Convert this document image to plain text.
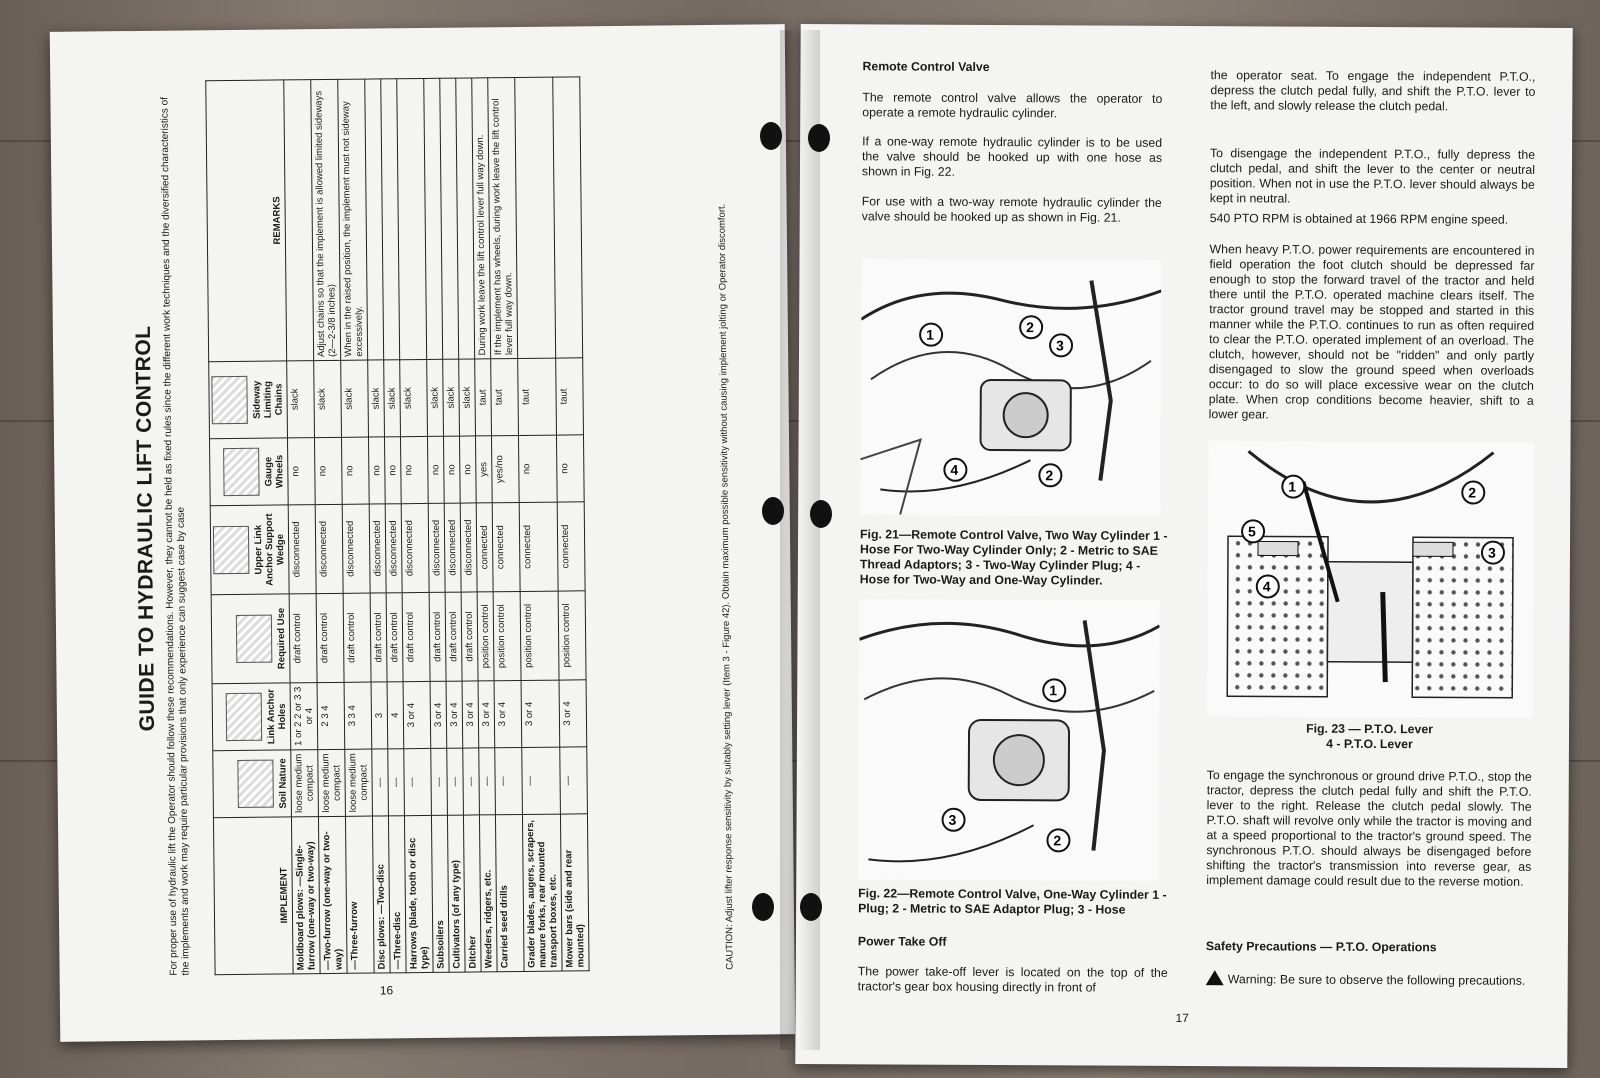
GUIDE TO HYDRAULIC LIFT CONTROL For proper use of hydraulic lift the Operator should follow these recommendations. However, they cannot be held as fixed rules since the different work techniques and the diversified characteristics of the implements and work may require particular provisions that only experience can suggest case by case	IMPLEMENT	Soil Nature	Link Anchor Holes	Required Use	Upper Link Anchor Support Wedge	Gauge Wheels	Sideway Limiting Chains	REMARKS
Moldboard plows: —Single-furrow (one-way or two-way)	loose medium compact	1 or 2 2 or 3 3 or 4	draft control	disconnected	no	slack	
—Two-furrow (one-way or two-way)	loose medium compact	2 3 4	draft control	disconnected	no	slack	Adjust chains so that the implement is allowed limited sideways (2—2-3/8 inches)
—Three-furrow	loose medium compact	3 3 4	draft control	disconnected	no	slack	When in the raised position, the implement must not sideway excessively.
Disc plows: —Two-disc	—	3	draft control	disconnected	no	slack	
—Three-disc	—	4	draft control	disconnected	no	slack	
Harrows (blade, tooth or disc type)	—	3 or 4	draft control	disconnected	no	slack	
Subsoilers	—	3 or 4	draft control	disconnected	no	slack	
Cultivators (of any type)	—	3 or 4	draft control	disconnected	no	slack	
Ditcher	—	3 or 4	draft control	disconnected	no	slack	
Weeders, ridgers, etc.	—	3 or 4	position control	connected	yes	taut	During work leave the lift control lever full way down.
Carried seed drills	—	3 or 4	position control	connected	yes/no	taut	If the implement has wheels, during work leave the lift control lever full way down.
Grader blades, augers, scrapers, manure forks, rear mounted transport boxes, etc.	—	3 or 4	position control	connected	no	taut	
Mower bars (side and rear mounted)	—	3 or 4	position control	connected	no	taut		CAUTION: Adjust lifter response sensitivity by suitably setting lever (Item 3 - Figure 42). Obtain maximum possible sensitivity without causing implement jolting or Operator discomfort.
16
Remote Control Valve
The remote control valve allows the operator to operate a remote hydraulic cylinder.
If a one-way remote hydraulic cylinder is to be used the valve should be hooked up with one hose as shown in Fig. 22.
For use with a two-way remote hydraulic cylinder the valve should be hooked up as shown in Fig. 21.
1	2
3
4	2
Fig. 21—Remote Control Valve, Two Way Cylinder 1 - Hose For Two-Way Cylinder Only; 2 - Metric to SAE Thread Adaptors; 3 - Two-Way Cylinder Plug; 4 - Hose for Two-Way and One-Way Cylinder.
1
2
3
Fig. 22—Remote Control Valve, One-Way Cylinder 1 - Plug; 2 - Metric to SAE Adaptor Plug; 3 - Hose
Power Take Off
The power take-off lever is located on the top of the tractor's gear box housing directly in front of
the operator seat. To engage the independent P.T.O., depress the clutch pedal fully, and shift the P.T.O. lever to the left, and slowly release the clutch pedal.
To disengage the independent P.T.O., fully depress the clutch pedal, and shift the lever to the center or neutral position. When not in use the P.T.O. lever should always be kept in neutral.
540 PTO RPM is obtained at 1966 RPM engine speed.
When heavy P.T.O. power requirements are encountered in field operation the foot clutch should be depressed far enough to stop the forward travel of the tractor and held there until the P.T.O. operated machine clears itself. The tractor ground travel may be stopped and started in this manner while the P.T.O. continues to run as often required to clear the P.T.O. operated implement of an overload. The clutch, however, should not be "ridden" and only partly disengaged to slow the ground speed when overloads occur: to do so will place excessive wear on the clutch plate. When crop conditions become heavier, shift to a lower gear.
1	2
3
4
5
Fig. 23 — P.T.O. Lever
4 - P.T.O. Lever
To engage the synchronous or ground drive P.T.O., stop the tractor, depress the clutch pedal fully and shift the P.T.O. lever to the right. Release the clutch pedal slowly. The P.T.O. shaft will revolve only while the tractor is moving and at a speed proportional to the tractor's ground speed. The synchronous P.T.O. should always be disengaged before shifting the tractor's transmission into reverse gear, as implement damage could result due to the reverse motion.
Safety Precautions — P.T.O. Operations
Warning: Be sure to observe the following precautions.
17
